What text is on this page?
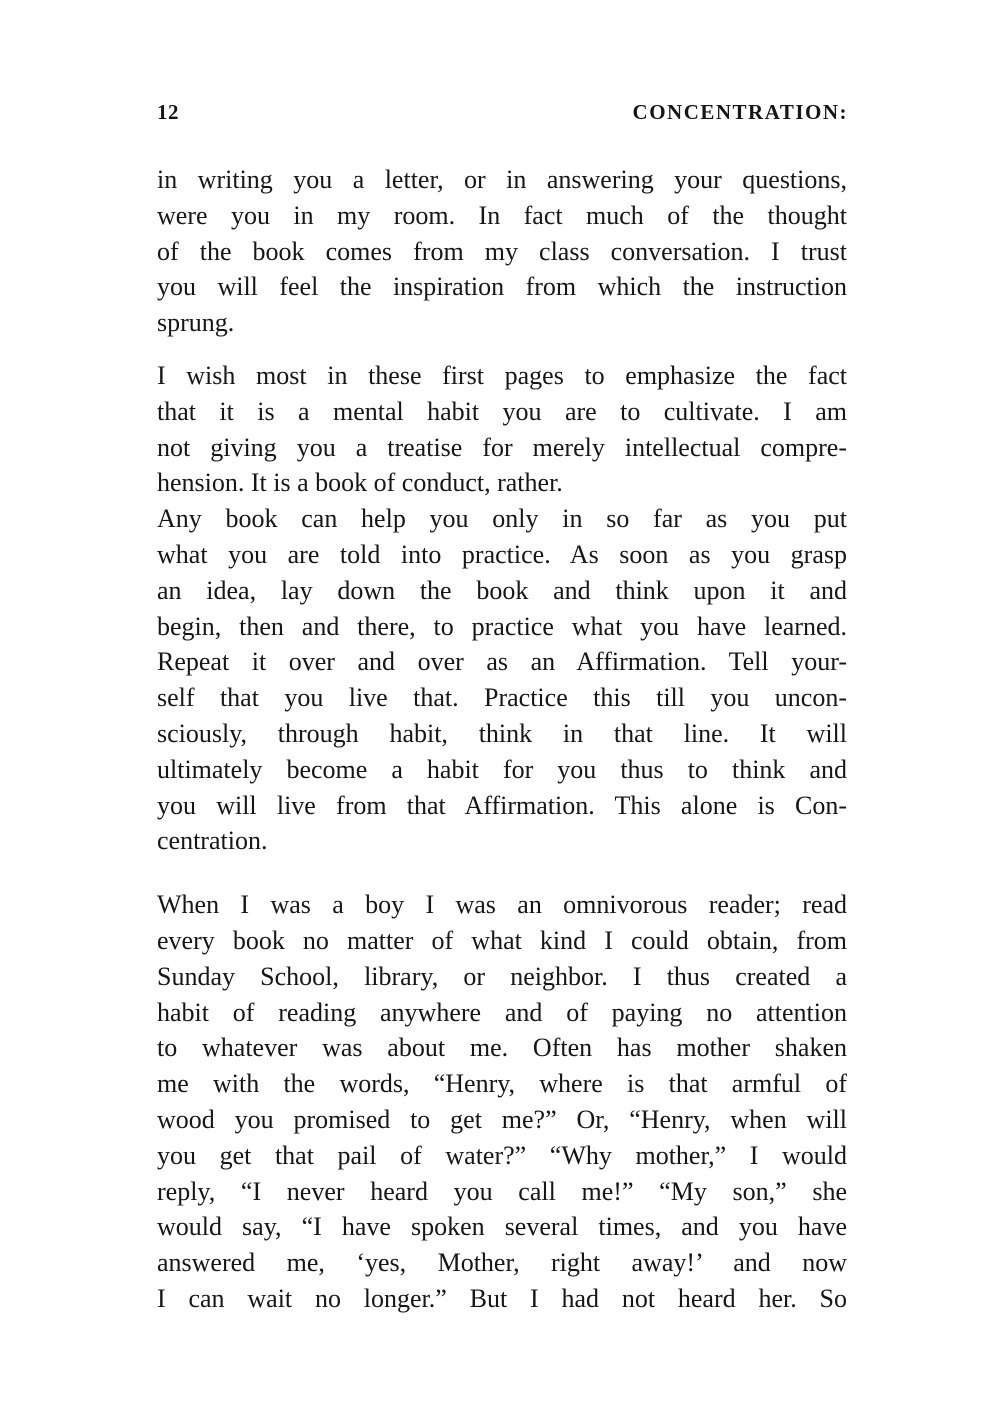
12	CONCENTRATION:
in writing you a letter, or in answering your questions,
were you in my room. In fact much of the thought
of the book comes from my class conversation. I trust
you will feel the inspiration from which the instruction
sprung.
I wish most in these first pages to emphasize the fact
that it is a mental habit you are to cultivate. I am
not giving you a treatise for merely intellectual compre-
hension. It is a book of conduct, rather.
Any book can help you only in so far as you put
what you are told into practice. As soon as you grasp
an idea, lay down the book and think upon it and
begin, then and there, to practice what you have learned.
Repeat it over and over as an Affirmation. Tell your-
self that you live that. Practice this till you uncon-
sciously, through habit, think in that line. It will
ultimately become a habit for you thus to think and
you will live from that Affirmation. This alone is Con-
centration.
When I was a boy I was an omnivorous reader; read
every book no matter of what kind I could obtain, from
Sunday School, library, or neighbor. I thus created a
habit of reading anywhere and of paying no attention
to whatever was about me. Often has mother shaken
me with the words, “Henry, where is that armful of
wood you promised to get me?” Or, “Henry, when will
you get that pail of water?” “Why mother,” I would
reply, “I never heard you call me!” “My son,” she
would say, “I have spoken several times, and you have
answered me, ‘yes, Mother, right away!’ and now
I can wait no longer.” But I had not heard her. So
